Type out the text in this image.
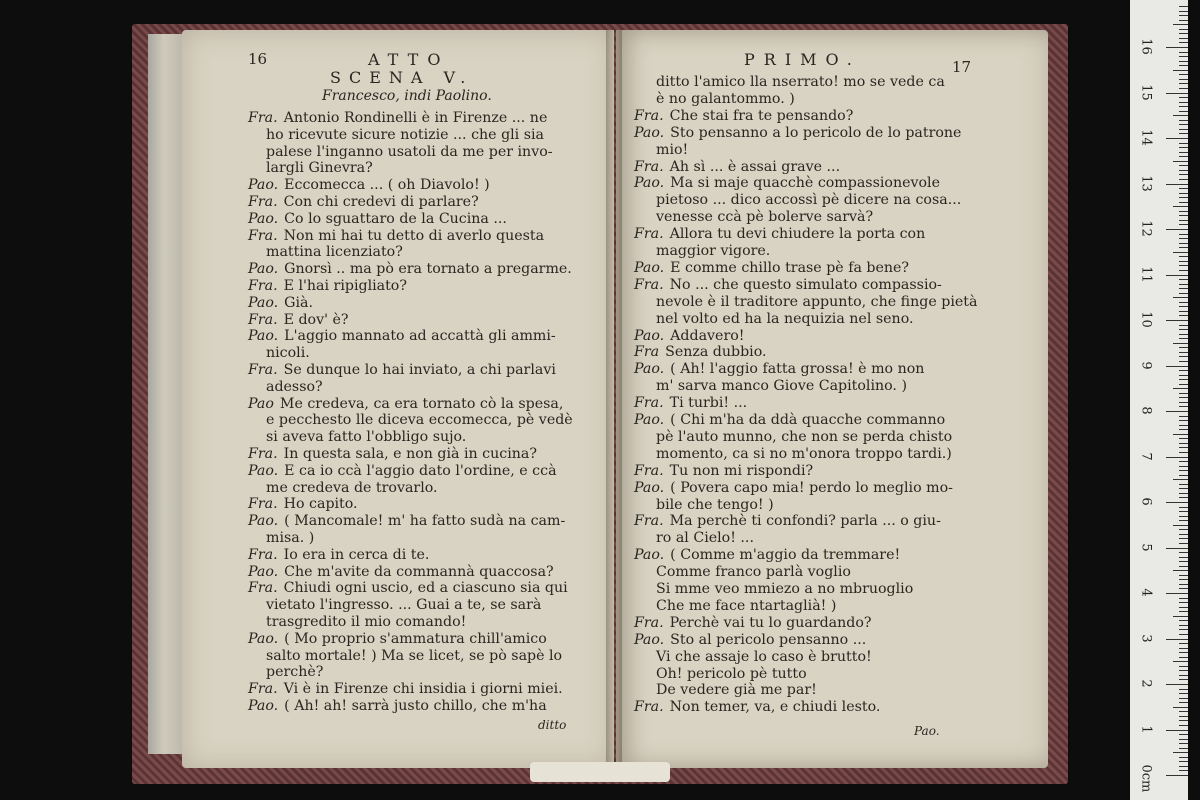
16	ATTO
SCENA V.
Francesco, indi Paolino.
Fra. Antonio Rondinelli è in Firenze ... ne
ho ricevute sicure notizie ... che gli sia
palese l'inganno usatoli da me per invo-
largli Ginevra?
Pao. Eccomecca ... ( oh Diavolo! )
Fra. Con chi credevi di parlare?
Pao. Co lo sguattaro de la Cucina ...
Fra. Non mi hai tu detto di averlo questa
mattina licenziato?
Pao. Gnorsì .. ma pò era tornato a pregarme.
Fra. E l'hai ripigliato?
Pao. Già.
Fra. E dov' è?
Pao. L'aggio mannato ad accattà gli ammi-
nicoli.
Fra. Se dunque lo hai inviato, a chi parlavi
adesso?
Pao Me credeva, ca era tornato cò la spesa,
e pecchesto lle diceva eccomecca, pè vedè
si aveva fatto l'obbligo sujo.
Fra. In questa sala, e non già in cucina?
Pao. E ca io ccà l'aggio dato l'ordine, e ccà
me credeva de trovarlo.
Fra. Ho capito.
Pao. ( Mancomale! m' ha fatto sudà na cam-
misa. )
Fra. Io era in cerca di te.
Pao. Che m'avite da commannà quaccosa?
Fra. Chiudi ogni uscio, ed a ciascuno sia qui
vietato l'ingresso. ... Guai a te, se sarà
trasgredito il mio comando!
Pao. ( Mo proprio s'ammatura chill'amico
salto mortale! ) Ma se licet, se pò sapè lo
perchè?
Fra. Vi è in Firenze chi insidia i giorni miei.
Pao. ( Ah! ah! sarrà justo chillo, che m'ha
ditto
PRIMO.	17
ditto l'amico lla nserrato! mo se vede ca
è no galantommo. )
Fra. Che stai fra te pensando?
Pao. Sto pensanno a lo pericolo de lo patrone
mio!
Fra. Ah sì ... è assai grave ...
Pao. Ma si maje quacchè compassionevole
pietoso ... dico accossì pè dicere na cosa...
venesse ccà pè bolerve sarvà?
Fra. Allora tu devi chiudere la porta con
maggior vigore.
Pao. E comme chillo trase pè fa bene?
Fra. No ... che questo simulato compassio-
nevole è il traditore appunto, che finge pietà
nel volto ed ha la nequizia nel seno.
Pao. Addavero!
Fra Senza dubbio.
Pao. ( Ah! l'aggio fatta grossa! è mo non
m' sarva manco Giove Capitolino. )
Fra. Ti turbi! ...
Pao. ( Chi m'ha da ddà quacche commanno
pè l'auto munno, che non se perda chisto
momento, ca si no m'onora troppo tardi.)
Fra. Tu non mi rispondi?
Pao. ( Povera capo mia! perdo lo meglio mo-
bile che tengo! )
Fra. Ma perchè ti confondi? parla ... o giu-
ro al Cielo! ...
Pao. ( Comme m'aggio da tremmare!
Comme franco parlà voglio
Si mme veo mmiezo a no mbruoglio
Che me face ntartaglià! )
Fra. Perchè vai tu lo guardando?
Pao. Sto al pericolo pensanno ...
Vi che assaje lo caso è brutto!
Oh! pericolo pè tutto
De vedere già me par!
Fra. Non temer, va, e chiudi lesto.
Pao.
0cm
1
2
3
4
5
6
7
8
9
10
11
12
13
14
15
16
